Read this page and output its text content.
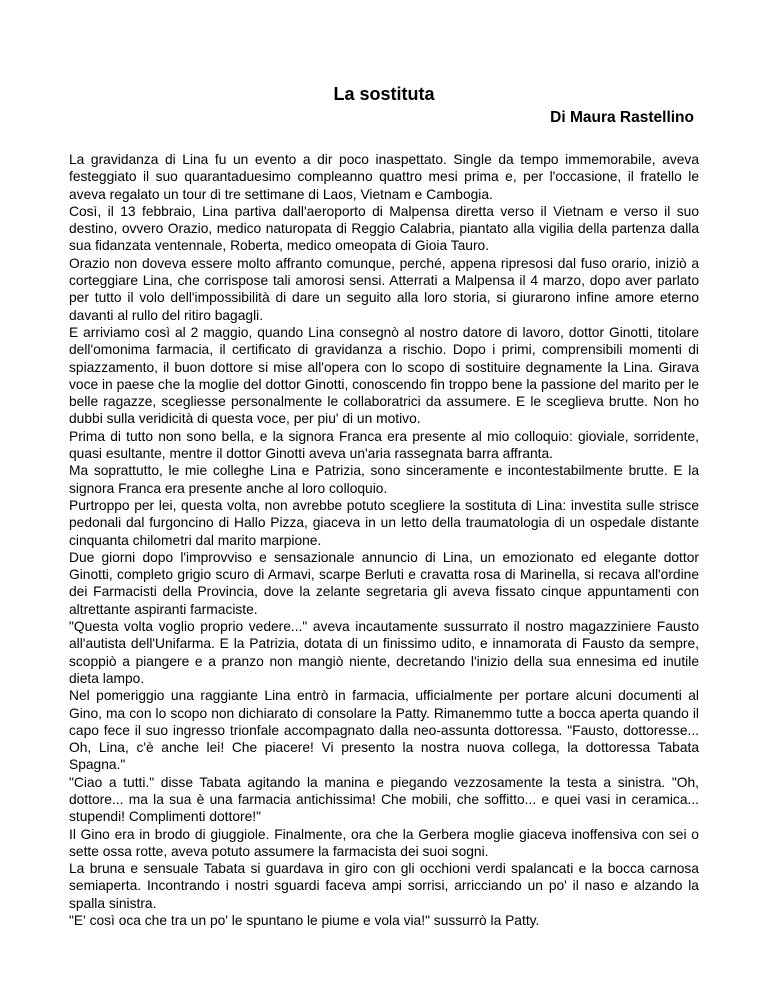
La sostituta
Di Maura Rastellino

La gravidanza di Lina fu un evento a dir poco inaspettato. Single da tempo immemorabile, aveva festeggiato il suo quarantaduesimo compleanno quattro mesi prima e, per l'occasione, il fratello le aveva regalato un tour di tre settimane di Laos, Vietnam e Cambogia.

Così, il 13 febbraio, Lina partiva dall'aeroporto di Malpensa diretta verso il Vietnam e verso il suo destino, ovvero Orazio, medico naturopata di Reggio Calabria, piantato alla vigilia della partenza dalla sua fidanzata ventennale, Roberta, medico omeopata di Gioia Tauro.

Orazio non doveva essere molto affranto comunque, perché, appena ripresosi dal fuso orario, iniziò a corteggiare Lina, che corrispose tali amorosi sensi. Atterrati a Malpensa il 4 marzo, dopo aver parlato per tutto il volo dell'impossibilità di dare un seguito alla loro storia, si giurarono infine amore eterno davanti al rullo del ritiro bagagli.

E arriviamo così al 2 maggio, quando Lina consegnò al nostro datore di lavoro, dottor Ginotti, titolare dell'omonima farmacia, il certificato di gravidanza a rischio. Dopo i primi, comprensibili momenti di spiazzamento, il buon dottore si mise all'opera con lo scopo di sostituire degnamente la Lina. Girava voce in paese che la moglie del dottor Ginotti, conoscendo fin troppo bene la passione del marito per le belle ragazze, scegliesse personalmente le collaboratrici da assumere. E le sceglieva brutte. Non ho dubbi sulla veridicità di questa voce, per piu' di un motivo.

Prima di tutto non sono bella, e la signora Franca era presente al mio colloquio: gioviale, sorridente, quasi esultante, mentre il dottor Ginotti aveva un'aria rassegnata barra affranta.

Ma soprattutto, le mie colleghe Lina e Patrizia, sono sinceramente e incontestabilmente brutte. E la signora Franca era presente anche al loro colloquio.

Purtroppo per lei, questa volta, non avrebbe potuto scegliere la sostituta di Lina: investita sulle strisce pedonali dal furgoncino di Hallo Pizza, giaceva in un letto della traumatologia di un ospedale distante cinquanta chilometri dal marito marpione.

Due giorni dopo l'improvviso e sensazionale annuncio di Lina, un emozionato ed elegante dottor Ginotti, completo grigio scuro di Armavi, scarpe Berluti e cravatta rosa di Marinella, si recava all'ordine dei Farmacisti della Provincia, dove la zelante segretaria gli aveva fissato cinque appuntamenti con altrettante aspiranti farmaciste.

"Questa volta voglio proprio vedere..." aveva incautamente sussurrato il nostro magazziniere Fausto all'autista dell'Unifarma. E la Patrizia, dotata di un finissimo udito, e innamorata di Fausto da sempre, scoppiò a piangere e a pranzo non mangiò niente, decretando l'inizio della sua ennesima ed inutile dieta lampo.

Nel pomeriggio una raggiante Lina entrò in farmacia, ufficialmente per portare alcuni documenti al Gino, ma con lo scopo non dichiarato di consolare la Patty. Rimanemmo tutte a bocca aperta quando il capo fece il suo ingresso trionfale accompagnato dalla neo-assunta dottoressa. "Fausto, dottoresse... Oh, Lina, c'è anche lei! Che piacere! Vi presento la nostra nuova collega, la dottoressa Tabata Spagna."

"Ciao a tutti." disse Tabata agitando la manina e piegando vezzosamente la testa a sinistra. "Oh, dottore... ma la sua è una farmacia antichissima! Che mobili, che soffitto... e quei vasi in ceramica... stupendi! Complimenti dottore!"

Il Gino era in brodo di giuggiole. Finalmente, ora che la Gerbera moglie giaceva inoffensiva con sei o sette ossa rotte, aveva potuto assumere la farmacista dei suoi sogni.

La bruna e sensuale Tabata si guardava in giro con gli occhioni verdi spalancati e la bocca carnosa semiaperta. Incontrando i nostri sguardi faceva ampi sorrisi, arricciando un po' il naso e alzando la spalla sinistra.

"E' così oca che tra un po' le spuntano le piume e vola via!" sussurrò la Patty.
